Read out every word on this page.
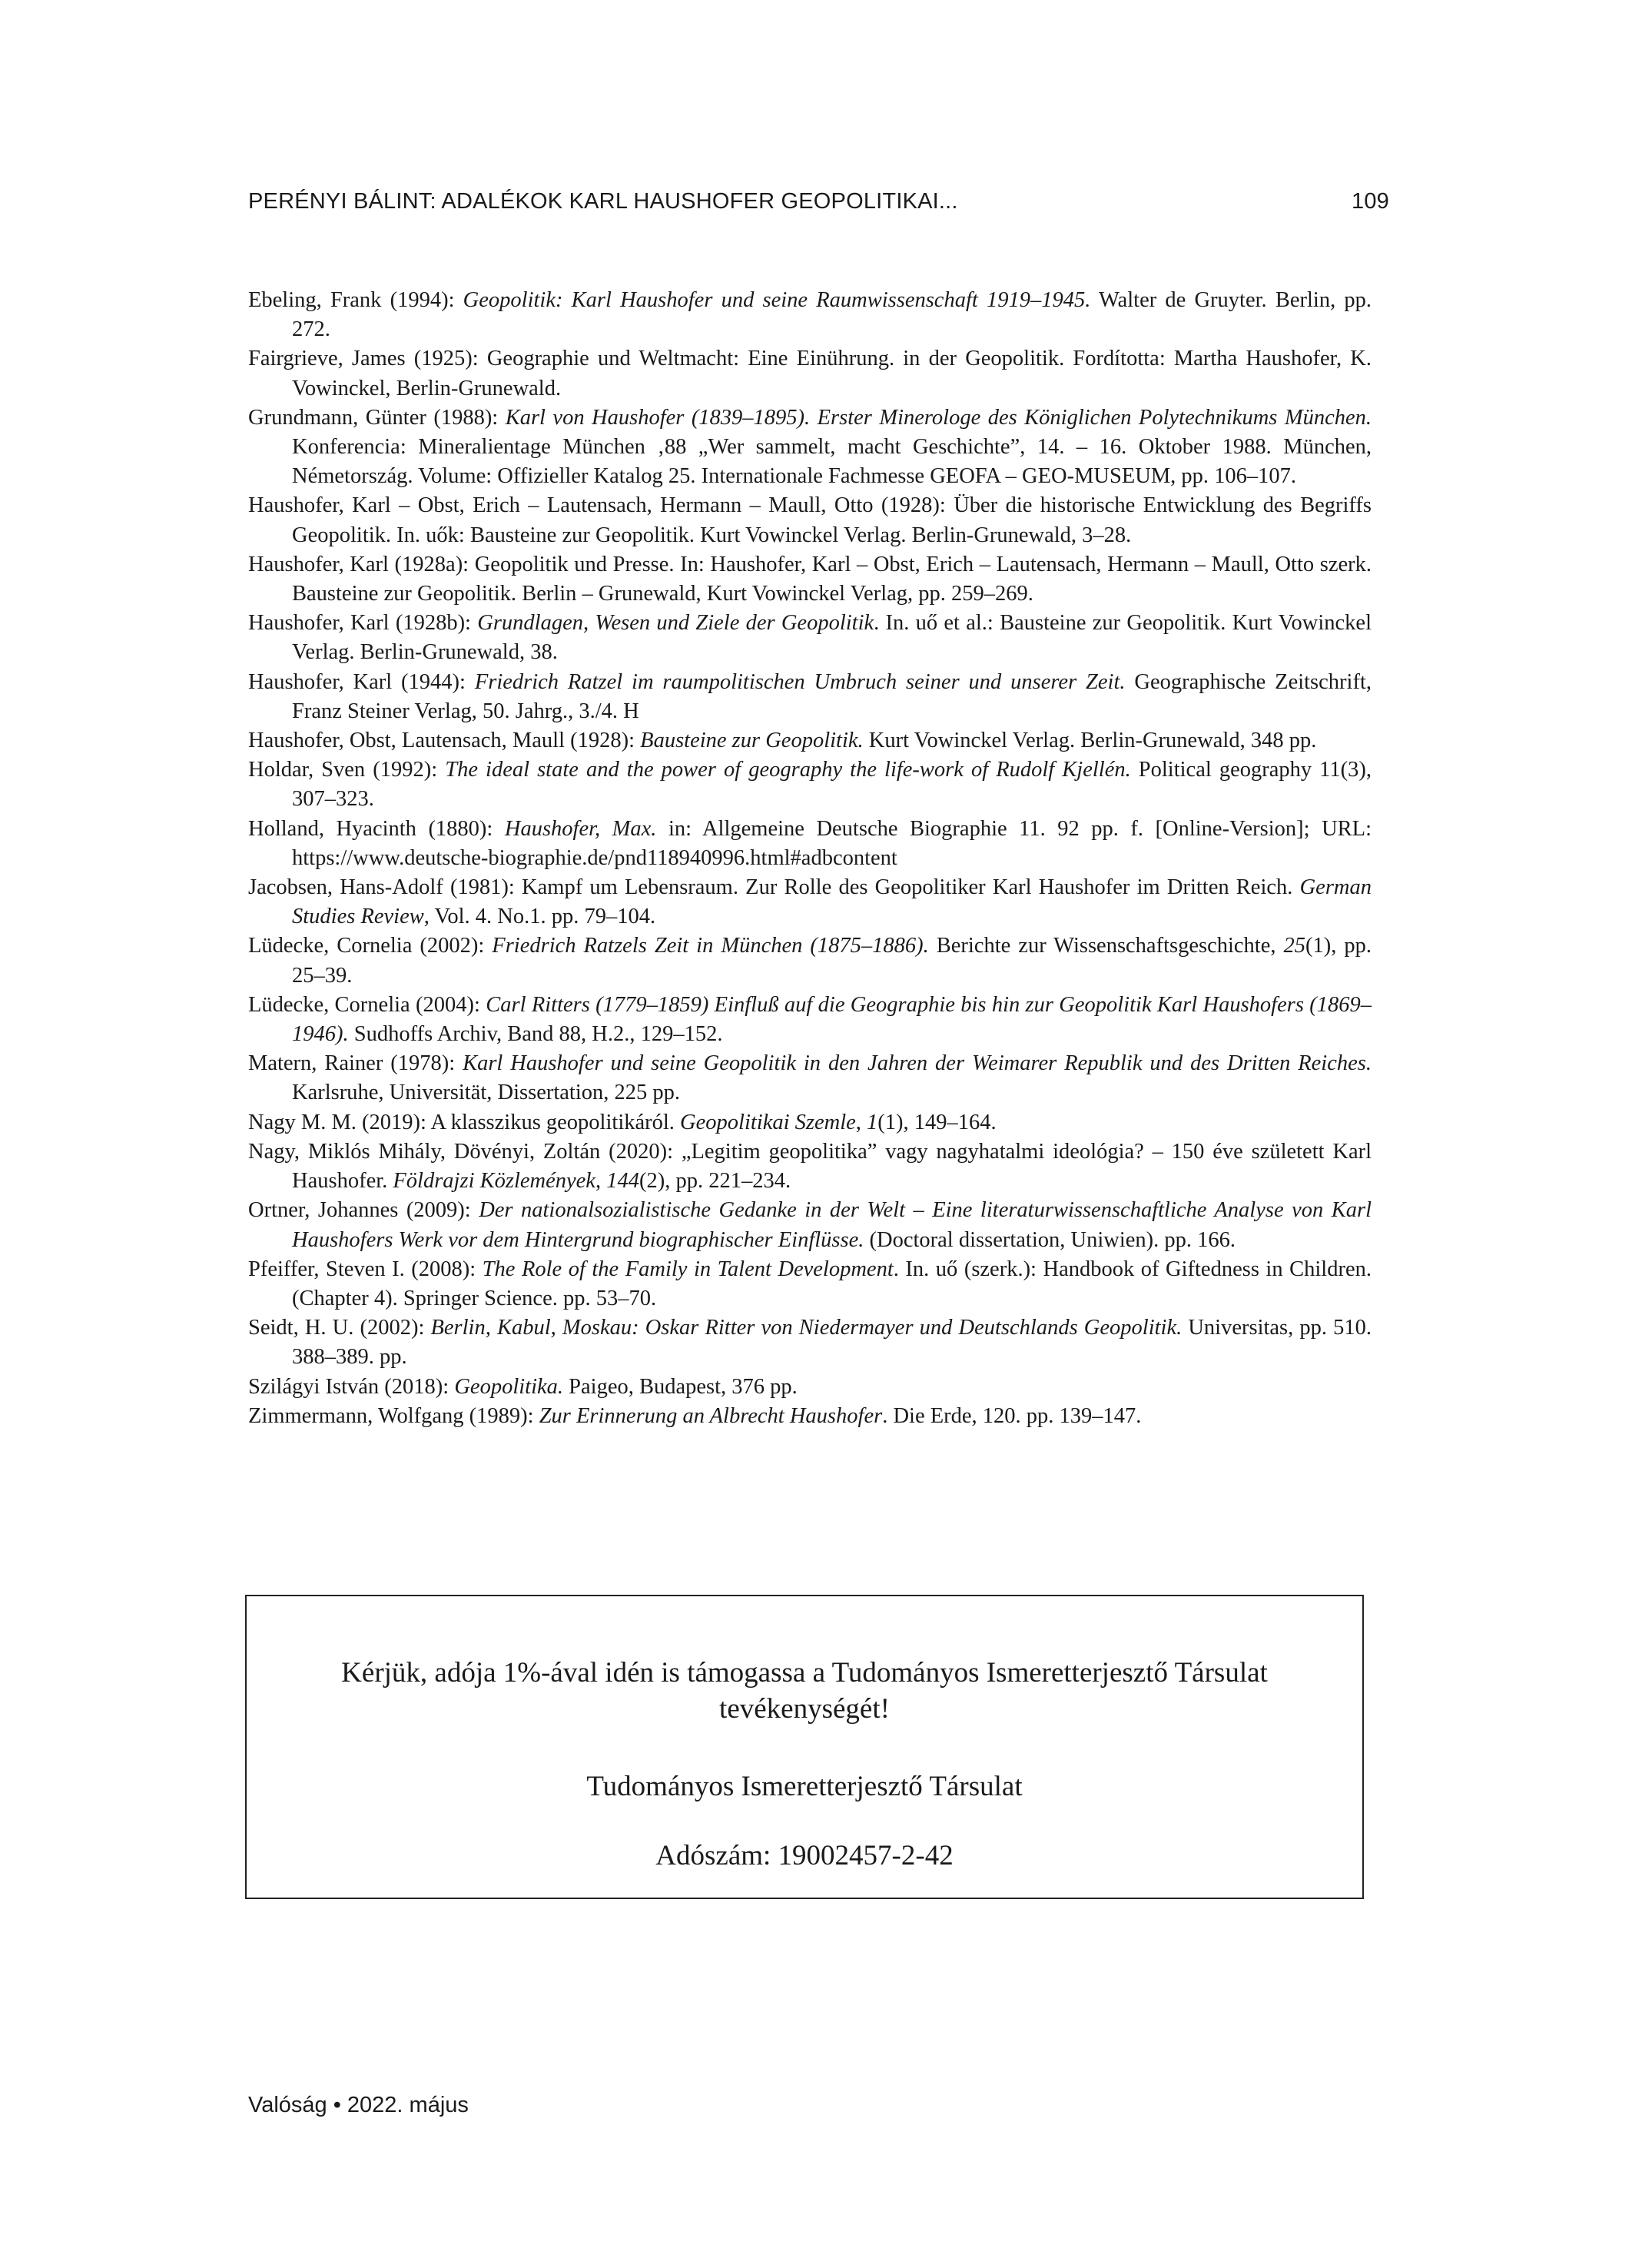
PERÉNYI BÁLINT: ADALÉKOK KARL HAUSHOFER GEOPOLITIKAI...	109

Ebeling, Frank (1994): Geopolitik: Karl Haushofer und seine Raumwissenschaft 1919–1945. Walter de Gruyter. Berlin, pp. 272.

Fairgrieve, James (1925): Geographie und Weltmacht: Eine Einührung. in der Geopolitik. Fordította: Martha Haushofer, K. Vowinckel, Berlin-Grunewald.

Grundmann, Günter (1988): Karl von Haushofer (1839–1895). Erster Minerologe des Königlichen Polytechnikums München. Konferencia: Mineralientage München ‚88 „Wer sammelt, macht Geschichte”, 14. – 16. Oktober 1988. München, Németország. Volume: Offizieller Katalog 25. Internationale Fachmesse GEOFA – GEO-MUSEUM, pp. 106–107.

Haushofer, Karl – Obst, Erich – Lautensach, Hermann – Maull, Otto (1928): Über die historische Entwicklung des Begriffs Geopolitik. In. uők: Bausteine zur Geopolitik. Kurt Vowinckel Verlag. Berlin-Grunewald, 3–28.

Haushofer, Karl (1928a): Geopolitik und Presse. In: Haushofer, Karl – Obst, Erich – Lautensach, Hermann – Maull, Otto szerk. Bausteine zur Geopolitik. Berlin – Grunewald, Kurt Vowinckel Verlag, pp. 259–269.

Haushofer, Karl (1928b): Grundlagen, Wesen und Ziele der Geopolitik. In. uő et al.: Bausteine zur Geopolitik. Kurt Vowinckel Verlag. Berlin-Grunewald, 38.

Haushofer, Karl (1944): Friedrich Ratzel im raumpolitischen Umbruch seiner und unserer Zeit. Geographische Zeitschrift, Franz Steiner Verlag, 50. Jahrg., 3./4. H

Haushofer, Obst, Lautensach, Maull (1928): Bausteine zur Geopolitik. Kurt Vowinckel Verlag. Berlin-Grunewald, 348 pp.

Holdar, Sven (1992): The ideal state and the power of geography the life-work of Rudolf Kjellén. Political geography 11(3), 307–323.

Holland, Hyacinth (1880): Haushofer, Max. in: Allgemeine Deutsche Biographie 11. 92 pp. f. [Online-Version]; URL: https://www.deutsche-biographie.de/pnd118940996.html#adbcontent

Jacobsen, Hans-Adolf (1981): Kampf um Lebensraum. Zur Rolle des Geopolitiker Karl Haushofer im Dritten Reich. German Studies Review, Vol. 4. No.1. pp. 79–104.

Lüdecke, Cornelia (2002): Friedrich Ratzels Zeit in München (1875–1886). Berichte zur Wissenschaftsgeschichte, 25(1), pp. 25–39.

Lüdecke, Cornelia (2004): Carl Ritters (1779–1859) Einfluß auf die Geographie bis hin zur Geopolitik Karl Haushofers (1869–1946). Sudhoffs Archiv, Band 88, H.2., 129–152.

Matern, Rainer (1978): Karl Haushofer und seine Geopolitik in den Jahren der Weimarer Republik und des Dritten Reiches. Karlsruhe, Universität, Dissertation, 225 pp.

Nagy M. M. (2019): A klasszikus geopolitikáról. Geopolitikai Szemle, 1(1), 149–164.

Nagy, Miklós Mihály, Dövényi, Zoltán (2020): „Legitim geopolitika” vagy nagyhatalmi ideológia? – 150 éve született Karl Haushofer. Földrajzi Közlemények, 144(2), pp. 221–234.

Ortner, Johannes (2009): Der nationalsozialistische Gedanke in der Welt – Eine literaturwissenschaftliche Analyse von Karl Haushofers Werk vor dem Hintergrund biographischer Einflüsse. (Doctoral dissertation, Uniwien). pp. 166.

Pfeiffer, Steven I. (2008): The Role of the Family in Talent Development. In. uő (szerk.): Handbook of Giftedness in Children. (Chapter 4). Springer Science. pp. 53–70.

Seidt, H. U. (2002): Berlin, Kabul, Moskau: Oskar Ritter von Niedermayer und Deutschlands Geopolitik. Universitas, pp. 510. 388–389. pp.

Szilágyi István (2018): Geopolitika. Paigeo, Budapest, 376 pp.

Zimmermann, Wolfgang (1989): Zur Erinnerung an Albrecht Haushofer. Die Erde, 120. pp. 139–147.

Kérjük, adója 1%-ával idén is támogassa a Tudományos Ismeretterjesztő Társulat tevékenységét!
Tudományos Ismeretterjesztő Társulat
Adószám: 19002457-2-42
Valóság • 2022. május
